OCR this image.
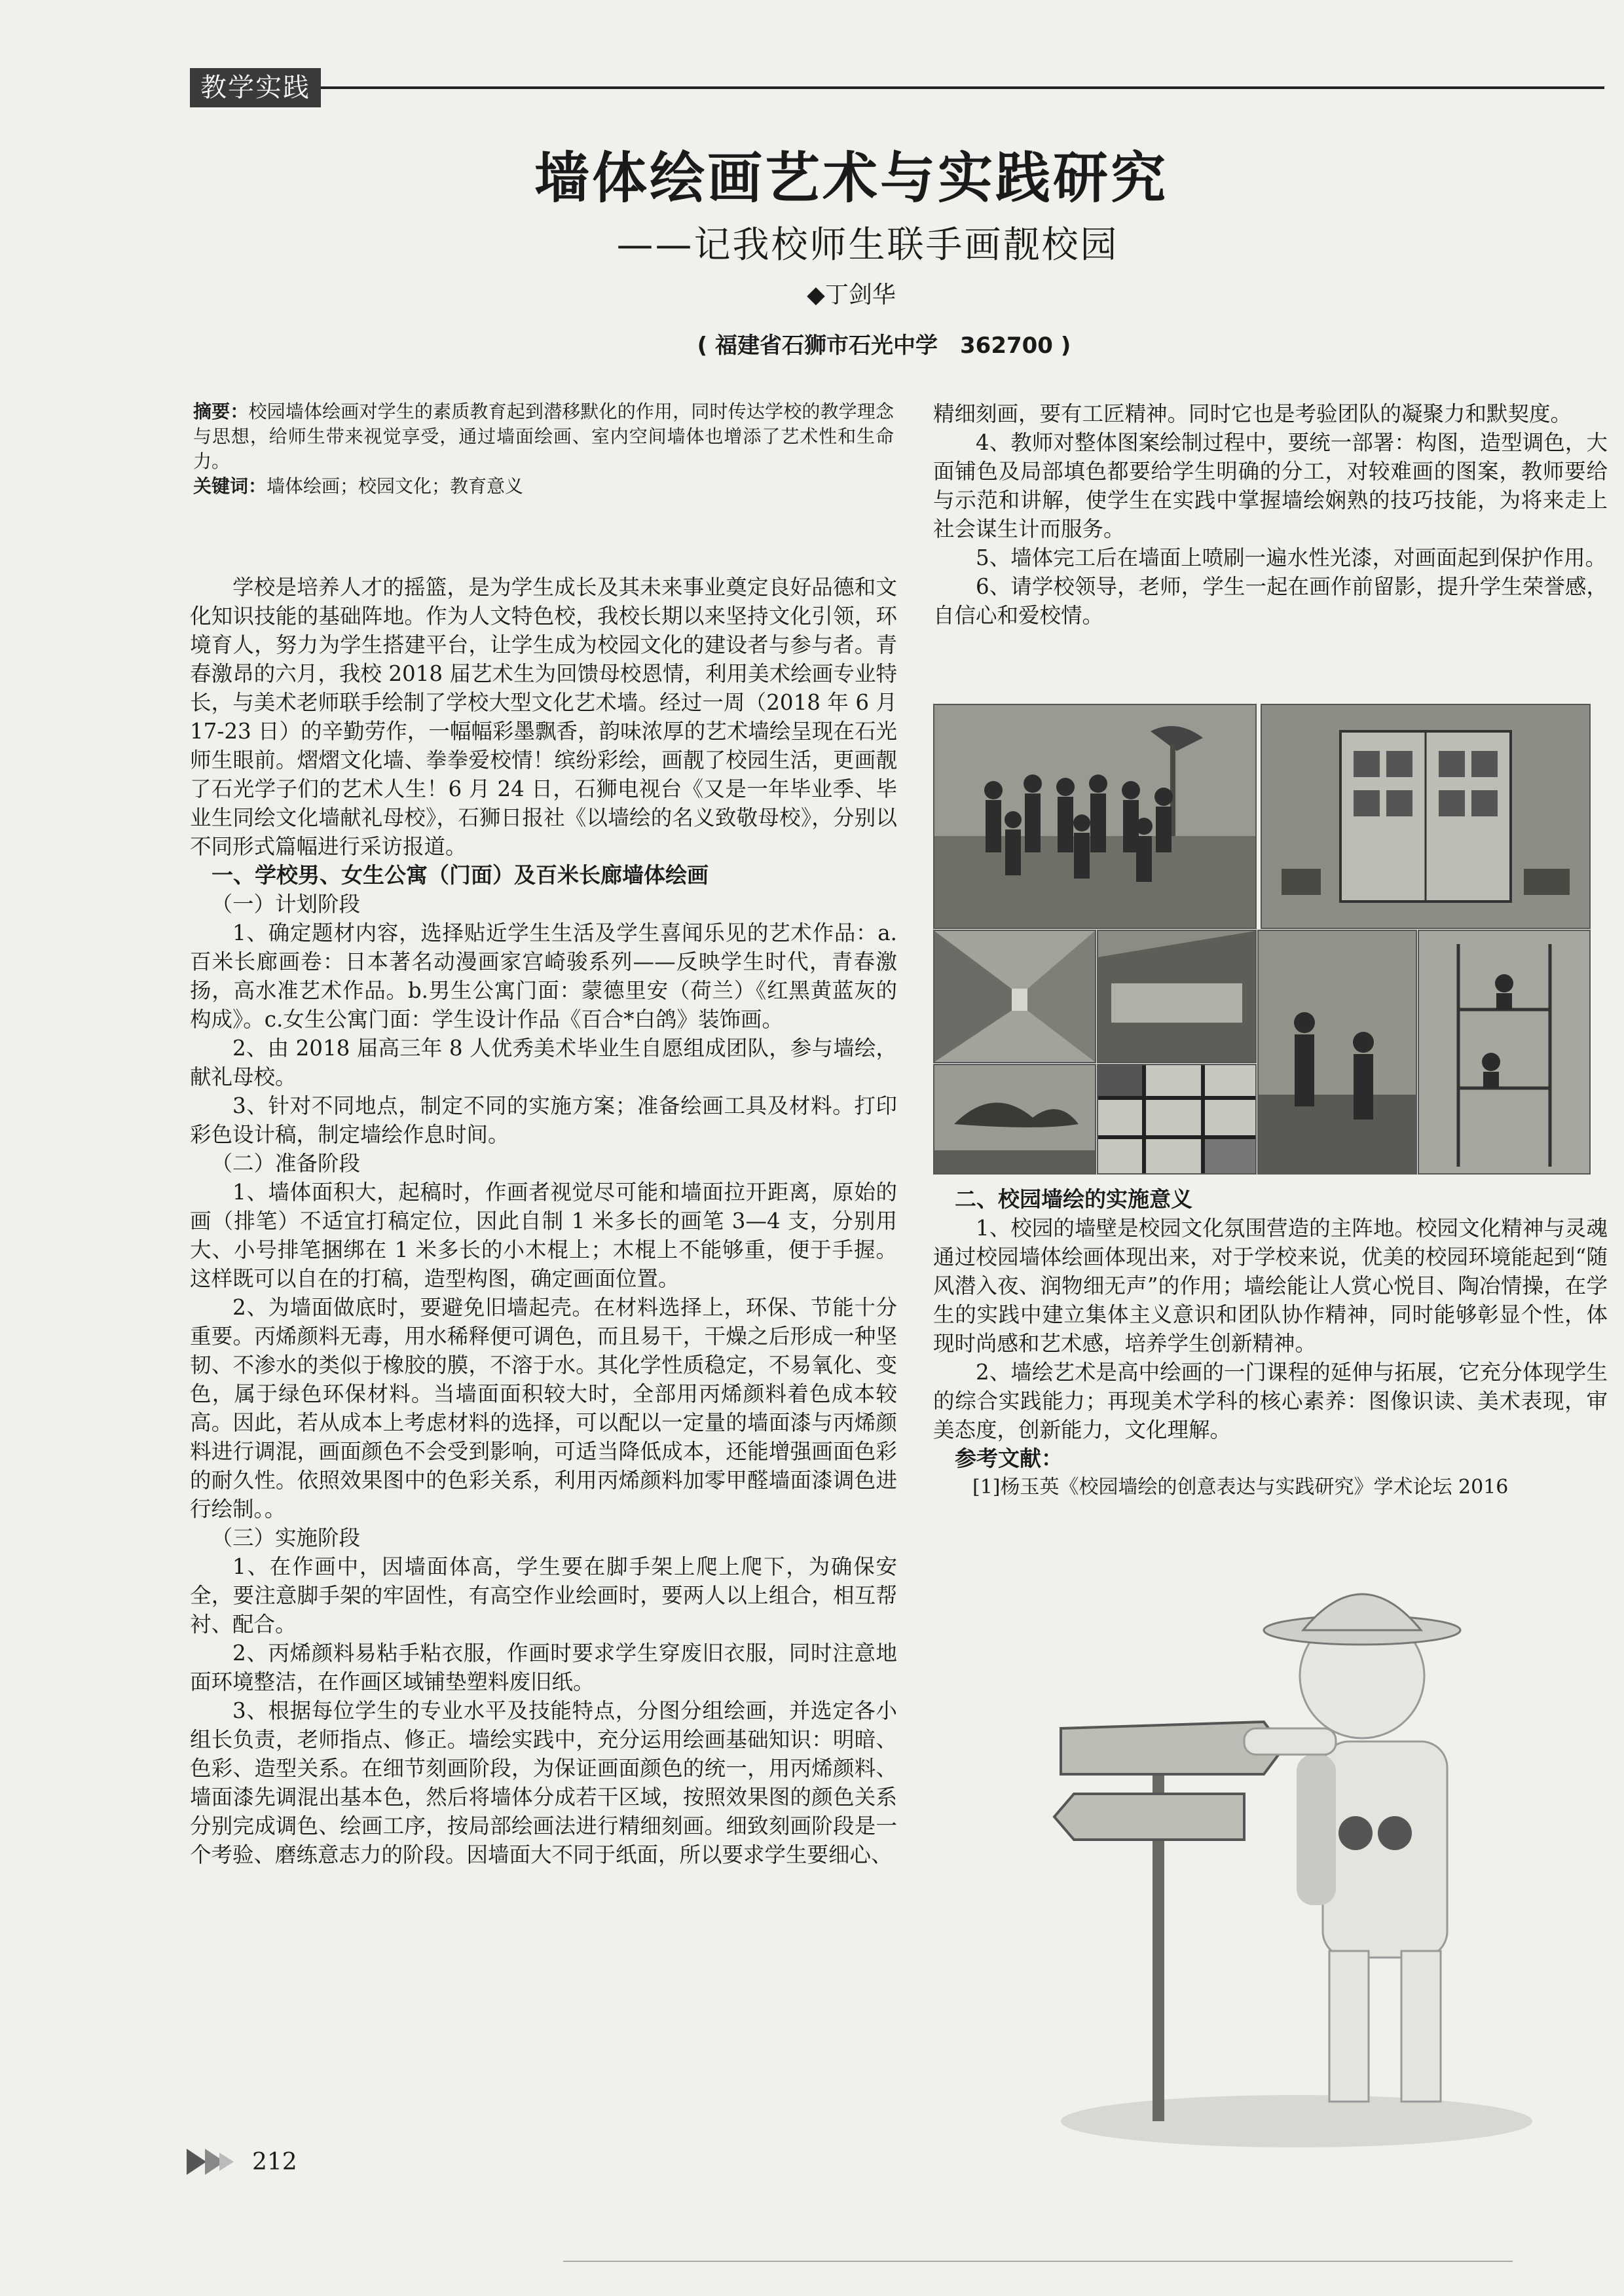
教学实践
墙体绘画艺术与实践研究
——记我校师生联手画靓校园
◆丁剑华
( 福建省石狮市石光中学　362700 )
摘要：校园墙体绘画对学生的素质教育起到潜移默化的作用，同时传达学校的教学理念与思想，给师生带来视觉享受，通过墙面绘画、室内空间墙体也增添了艺术性和生命力。
关键词：墙体绘画；校园文化；教育意义

学校是培养人才的摇篮，是为学生成长及其未来事业奠定良好品德和文化知识技能的基础阵地。作为人文特色校，我校长期以来坚持文化引领，环境育人，努力为学生搭建平台，让学生成为校园文化的建设者与参与者。青春激昂的六月，我校 2018 届艺术生为回馈母校恩情，利用美术绘画专业特长，与美术老师联手绘制了学校大型文化艺术墙。经过一周（2018 年 6 月 17-23 日）的辛勤劳作，一幅幅彩墨飘香，韵味浓厚的艺术墙绘呈现在石光师生眼前。熠熠文化墙、拳拳爱校情！缤纷彩绘，画靓了校园生活，更画靓了石光学子们的艺术人生！6 月 24 日，石狮电视台《又是一年毕业季、毕业生同绘文化墙献礼母校》，石狮日报社《以墙绘的名义致敬母校》，分别以不同形式篇幅进行采访报道。

一、学校男、女生公寓（门面）及百米长廊墙体绘画
（一）计划阶段

1、确定题材内容，选择贴近学生生活及学生喜闻乐见的艺术作品：a.百米长廊画卷：日本著名动漫画家宫崎骏系列——反映学生时代，青春激扬，高水准艺术作品。b.男生公寓门面：蒙德里安（荷兰）《红黑黄蓝灰的构成》。c.女生公寓门面：学生设计作品《百合*白鸽》装饰画。

2、由 2018 届高三年 8 人优秀美术毕业生自愿组成团队，参与墙绘，献礼母校。

3、针对不同地点，制定不同的实施方案；准备绘画工具及材料。打印彩色设计稿，制定墙绘作息时间。

（二）准备阶段

1、墙体面积大，起稿时，作画者视觉尽可能和墙面拉开距离，原始的画（排笔）不适宜打稿定位，因此自制 1 米多长的画笔 3—4 支，分别用大、小号排笔捆绑在 1 米多长的小木棍上；木棍上不能够重，便于手握。这样既可以自在的打稿，造型构图，确定画面位置。

2、为墙面做底时，要避免旧墙起壳。在材料选择上，环保、节能十分重要。丙烯颜料无毒，用水稀释便可调色，而且易干，干燥之后形成一种坚韧、不渗水的类似于橡胶的膜，不溶于水。其化学性质稳定，不易氧化、变色，属于绿色环保材料。当墙面面积较大时，全部用丙烯颜料着色成本较高。因此，若从成本上考虑材料的选择，可以配以一定量的墙面漆与丙烯颜料进行调混，画面颜色不会受到影响，可适当降低成本，还能增强画面色彩的耐久性。依照效果图中的色彩关系，利用丙烯颜料加零甲醛墙面漆调色进行绘制。。

（三）实施阶段

1、在作画中，因墙面体高，学生要在脚手架上爬上爬下，为确保安全，要注意脚手架的牢固性，有高空作业绘画时，要两人以上组合，相互帮衬、配合。

2、丙烯颜料易粘手粘衣服，作画时要求学生穿废旧衣服，同时注意地面环境整洁，在作画区域铺垫塑料废旧纸。

3、根据每位学生的专业水平及技能特点，分图分组绘画，并选定各小组长负责，老师指点、修正。墙绘实践中，充分运用绘画基础知识：明暗、色彩、造型关系。在细节刻画阶段，为保证画面颜色的统一，用丙烯颜料、墙面漆先调混出基本色，然后将墙体分成若干区域，按照效果图的颜色关系分别完成调色、绘画工序，按局部绘画法进行精细刻画。细致刻画阶段是一个考验、磨练意志力的阶段。因墙面大不同于纸面，所以要求学生要细心、

精细刻画，要有工匠精神。同时它也是考验团队的凝聚力和默契度。

4、教师对整体图案绘制过程中，要统一部署：构图，造型调色，大面铺色及局部填色都要给学生明确的分工，对较难画的图案，教师要给与示范和讲解，使学生在实践中掌握墙绘娴熟的技巧技能，为将来走上社会谋生计而服务。

5、墙体完工后在墙面上喷刷一遍水性光漆，对画面起到保护作用。

6、请学校领导，老师，学生一起在画作前留影，提升学生荣誉感，自信心和爱校情。

二、校园墙绘的实施意义

1、校园的墙壁是校园文化氛围营造的主阵地。校园文化精神与灵魂通过校园墙体绘画体现出来，对于学校来说，优美的校园环境能起到“随风潜入夜、润物细无声”的作用；墙绘能让人赏心悦目、陶冶情操，在学生的实践中建立集体主义意识和团队协作精神，同时能够彰显个性，体现时尚感和艺术感，培养学生创新精神。

2、墙绘艺术是高中绘画的一门课程的延伸与拓展，它充分体现学生的综合实践能力；再现美术学科的核心素养：图像识读、美术表现，审美态度，创新能力，文化理解。

参考文献：

[1]杨玉英《校园墙绘的创意表达与实践研究》学术论坛 2016

212
